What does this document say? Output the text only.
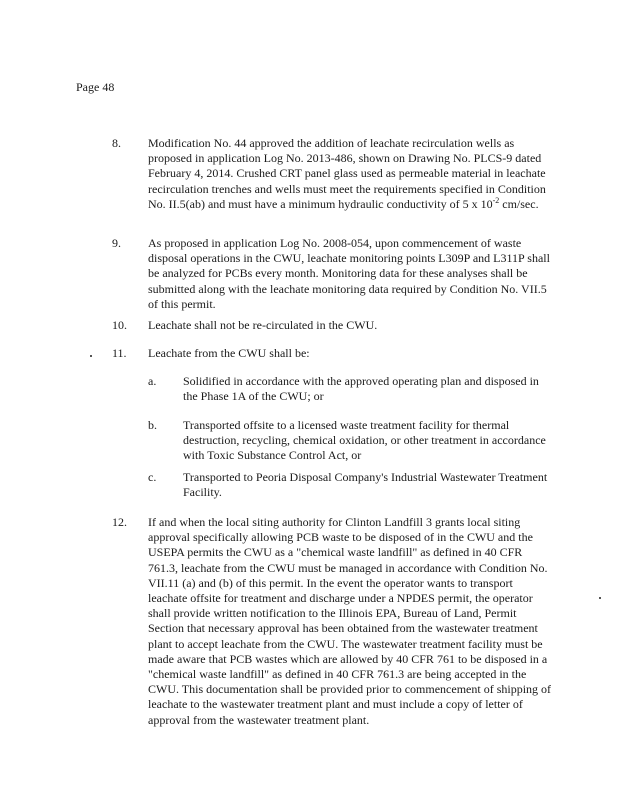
Page 48
8. Modification No. 44 approved the addition of leachate recirculation wells as proposed in application Log No. 2013-486, shown on Drawing No. PLCS-9 dated February 4, 2014. Crushed CRT panel glass used as permeable material in leachate recirculation trenches and wells must meet the requirements specified in Condition No. II.5(ab) and must have a minimum hydraulic conductivity of 5 x $10^{-2}$ cm/sec.
9. As proposed in application Log No. 2008-054, upon commencement of waste disposal operations in the CWU, leachate monitoring points L309P and L311P shall be analyzed for PCBs every month. Monitoring data for these analyses shall be submitted along with the leachate monitoring data required by Condition No. VII.5 of this permit.
10. Leachate shall not be re-circulated in the CWU.
11. Leachate from the CWU shall be:
a. Solidified in accordance with the approved operating plan and disposed in the Phase 1A of the CWU; or
b. Transported offsite to a licensed waste treatment facility for thermal destruction, recycling, chemical oxidation, or other treatment in accordance with Toxic Substance Control Act, or
c. Transported to Peoria Disposal Company's Industrial Wastewater Treatment Facility.
12. If and when the local siting authority for Clinton Landfill 3 grants local siting approval specifically allowing PCB waste to be disposed of in the CWU and the USEPA permits the CWU as a "chemical waste landfill" as defined in 40 CFR 761.3, leachate from the CWU must be managed in accordance with Condition No. VII.11 (a) and (b) of this permit. In the event the operator wants to transport leachate offsite for treatment and discharge under a NPDES permit, the operator shall provide written notification to the Illinois EPA, Bureau of Land, Permit Section that necessary approval has been obtained from the wastewater treatment plant to accept leachate from the CWU. The wastewater treatment facility must be made aware that PCB wastes which are allowed by 40 CFR 761 to be disposed in a "chemical waste landfill" as defined in 40 CFR 761.3 are being accepted in the CWU. This documentation shall be provided prior to commencement of shipping of leachate to the wastewater treatment plant and must include a copy of letter of approval from the wastewater treatment plant.
